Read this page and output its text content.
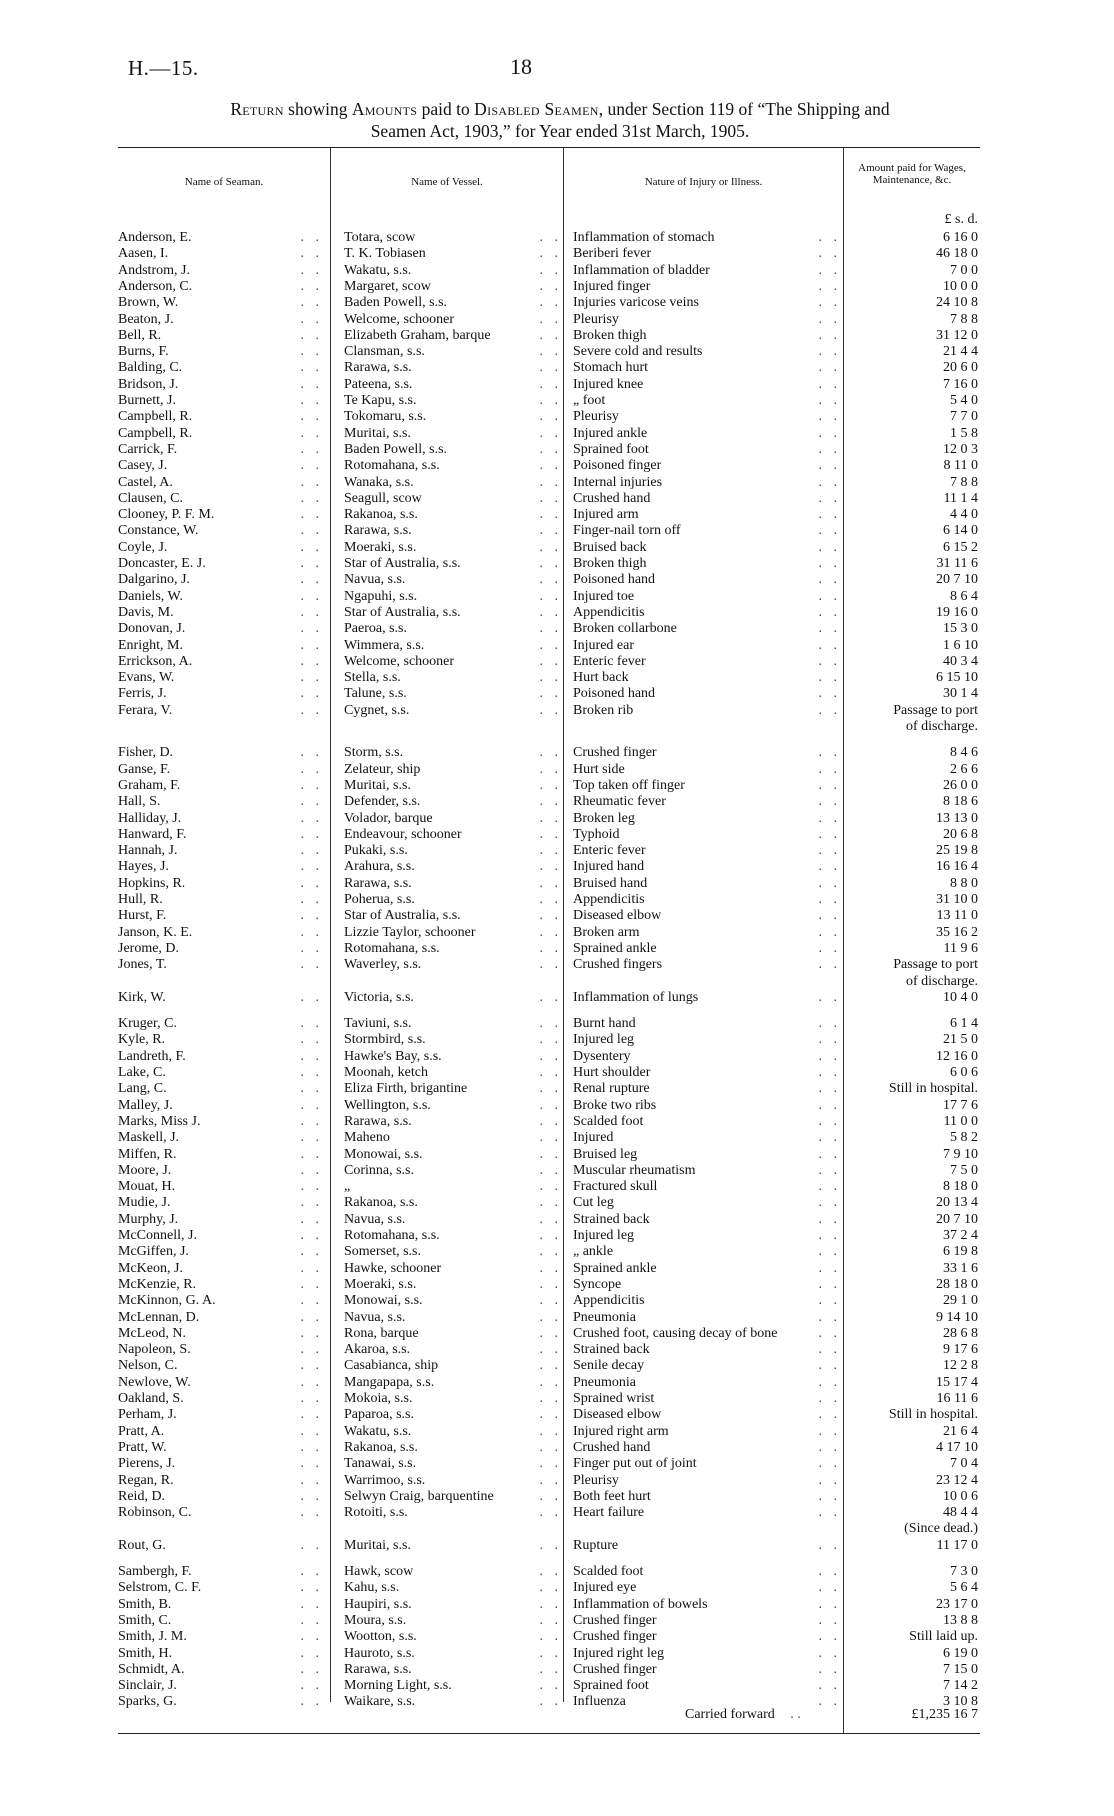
H.—15.	18
Return showing Amounts paid to Disabled Seamen, under Section 119 of “The Shipping and
Seamen Act, 1903,” for Year ended 31st March, 1905.
Name of Seaman.	Name of Vessel.	Nature of Injury or Illness.
Amount paid for Wages, Maintenance, &c.
£ s. d.
Anderson, E.	. . Totara, scow	. . Inflammation of stomach	. .	6 16 0
Aasen, I.	. . T. K. Tobiasen	. . Beriberi fever	. .	46 18 0
Andstrom, J.	. . Wakatu, s.s.	. . Inflammation of bladder	. .	7 0 0
Anderson, C.	. . Margaret, scow	. . Injured finger	. .	10 0 0
Brown, W.	. . Baden Powell, s.s.	. . Injuries varicose veins	. .	24 10 8
Beaton, J.	. . Welcome, schooner	. . Pleurisy	. .	7 8 8
Bell, R.	. . Elizabeth Graham, barque	. . Broken thigh	. .	31 12 0
Burns, F.	. . Clansman, s.s.	. . Severe cold and results	. .	21 4 4
Balding, C.	. . Rarawa, s.s.	. . Stomach hurt	. .	20 6 0
Bridson, J.	. . Pateena, s.s.	. . Injured knee	. .	7 16 0
Burnett, J.	. . Te Kapu, s.s.	. . „ foot	. .	5 4 0
Campbell, R.	. . Tokomaru, s.s.	. . Pleurisy	. .	7 7 0
Campbell, R.	. . Muritai, s.s.	. . Injured ankle	. .	1 5 8
Carrick, F.	. . Baden Powell, s.s.	. . Sprained foot	. .	12 0 3
Casey, J.	. . Rotomahana, s.s.	. . Poisoned finger	. .	8 11 0
Castel, A.	. . Wanaka, s.s.	. . Internal injuries	. .	7 8 8
Clausen, C.	. . Seagull, scow	. . Crushed hand	. .	11 1 4
Clooney, P. F. M.	. . Rakanoa, s.s.	. . Injured arm	. .	4 4 0
Constance, W.	. . Rarawa, s.s.	. . Finger-nail torn off	. .	6 14 0
Coyle, J.	. . Moeraki, s.s.	. . Bruised back	. .	6 15 2
Doncaster, E. J.	. . Star of Australia, s.s.	. . Broken thigh	. .	31 11 6
Dalgarino, J.	. . Navua, s.s.	. . Poisoned hand	. .	20 7 10
Daniels, W.	. . Ngapuhi, s.s.	. . Injured toe	. .	8 6 4
Davis, M.	. . Star of Australia, s.s.	. . Appendicitis	. .	19 16 0
Donovan, J.	. . Paeroa, s.s.	. . Broken collarbone	. .	15 3 0
Enright, M.	. . Wimmera, s.s.	. . Injured ear	. .	1 6 10
Errickson, A.	. . Welcome, schooner	. . Enteric fever	. .	40 3 4
Evans, W.	. . Stella, s.s.	. . Hurt back	. .	6 15 10
Ferris, J.	. . Talune, s.s.	. . Poisoned hand	. .	30 1 4
Ferara, V.	. . Cygnet, s.s.	. . Broken rib	. .	Passage to port
of discharge.
Fisher, D.	. . Storm, s.s.	. . Crushed finger	. .	8 4 6
Ganse, F.	. . Zelateur, ship	. . Hurt side	. .	2 6 6
Graham, F.	. . Muritai, s.s.	. . Top taken off finger	. .	26 0 0
Hall, S.	. . Defender, s.s.	. . Rheumatic fever	. .	8 18 6
Halliday, J.	. . Volador, barque	. . Broken leg	. .	13 13 0
Hanward, F.	. . Endeavour, schooner	. . Typhoid	. .	20 6 8
Hannah, J.	. . Pukaki, s.s.	. . Enteric fever	. .	25 19 8
Hayes, J.	. . Arahura, s.s.	. . Injured hand	. .	16 16 4
Hopkins, R.	. . Rarawa, s.s.	. . Bruised hand	. .	8 8 0
Hull, R.	. . Poherua, s.s.	. . Appendicitis	. .	31 10 0
Hurst, F.	. . Star of Australia, s.s.	. . Diseased elbow	. .	13 11 0
Janson, K. E.	. . Lizzie Taylor, schooner	. . Broken arm	. .	35 16 2
Jerome, D.	. . Rotomahana, s.s.	. . Sprained ankle	. .	11 9 6
Jones, T.	. . Waverley, s.s.	. . Crushed fingers	. .	Passage to port
of discharge.
Kirk, W.	. . Victoria, s.s.	. . Inflammation of lungs	. .	10 4 0
Kruger, C.	. . Taviuni, s.s.	. . Burnt hand	. .	6 1 4
Kyle, R.	. . Stormbird, s.s.	. . Injured leg	. .	21 5 0
Landreth, F.	. . Hawke's Bay, s.s.	. . Dysentery	. .	12 16 0
Lake, C.	. . Moonah, ketch	. . Hurt shoulder	. .	6 0 6
Lang, C.	. . Eliza Firth, brigantine	. . Renal rupture	. .	Still in hospital.
Malley, J.	. . Wellington, s.s.	. . Broke two ribs	. .	17 7 6
Marks, Miss J.	. . Rarawa, s.s.	. . Scalded foot	. .	11 0 0
Maskell, J.	. . Maheno	. . Injured	. .	5 8 2
Miffen, R.	. . Monowai, s.s.	. . Bruised leg	. .	7 9 10
Moore, J.	. . Corinna, s.s.	. . Muscular rheumatism	. .	7 5 0
Mouat, H.	. . „	. . Fractured skull	. .	8 18 0
Mudie, J.	. . Rakanoa, s.s.	. . Cut leg	. .	20 13 4
Murphy, J.	. . Navua, s.s.	. . Strained back	. .	20 7 10
McConnell, J.	. . Rotomahana, s.s.	. . Injured leg	. .	37 2 4
McGiffen, J.	. . Somerset, s.s.	. . „ ankle	. .	6 19 8
McKeon, J.	. . Hawke, schooner	. . Sprained ankle	. .	33 1 6
McKenzie, R.	. . Moeraki, s.s.	. . Syncope	. .	28 18 0
McKinnon, G. A.	. . Monowai, s.s.	. . Appendicitis	. .	29 1 0
McLennan, D.	. . Navua, s.s.	. . Pneumonia	. .	9 14 10
McLeod, N.	. . Rona, barque	. . Crushed foot, causing decay of bone	. .	28 6 8
Napoleon, S.	. . Akaroa, s.s.	. . Strained back	. .	9 17 6
Nelson, C.	. . Casabianca, ship	. . Senile decay	. .	12 2 8
Newlove, W.	. . Mangapapa, s.s.	. . Pneumonia	. .	15 17 4
Oakland, S.	. . Mokoia, s.s.	. . Sprained wrist	. .	16 11 6
Perham, J.	. . Paparoa, s.s.	. . Diseased elbow	. .	Still in hospital.
Pratt, A.	. . Wakatu, s.s.	. . Injured right arm	. .	21 6 4
Pratt, W.	. . Rakanoa, s.s.	. . Crushed hand	. .	4 17 10
Pierens, J.	. . Tanawai, s.s.	. . Finger put out of joint	. .	7 0 4
Regan, R.	. . Warrimoo, s.s.	. . Pleurisy	. .	23 12 4
Reid, D.	. . Selwyn Craig, barquentine	. . Both feet hurt	. .	10 0 6
Robinson, C.	. . Rotoiti, s.s.	. . Heart failure	. .	48 4 4
(Since dead.)
Rout, G.	. . Muritai, s.s.	. . Rupture	. .	11 17 0
Sambergh, F.	. . Hawk, scow	. . Scalded foot	. .	7 3 0
Selstrom, C. F.	. . Kahu, s.s.	. . Injured eye	. .	5 6 4
Smith, B.	. . Haupiri, s.s.	. . Inflammation of bowels	. .	23 17 0
Smith, C.	. . Moura, s.s.	. . Crushed finger	. .	13 8 8
Smith, J. M.	. . Wootton, s.s.	. . Crushed finger	. .	Still laid up.
Smith, H.	. . Hauroto, s.s.	. . Injured right leg	. .	6 19 0
Schmidt, A.	. . Rarawa, s.s.	. . Crushed finger	. .	7 15 0
Sinclair, J.	. . Morning Light, s.s.	. . Sprained foot	. .	7 14 2
Sparks, G.	. . Waikare, s.s.	. . Influenza	. .	3 10 8
Carried forward . .	£1,235 16 7
